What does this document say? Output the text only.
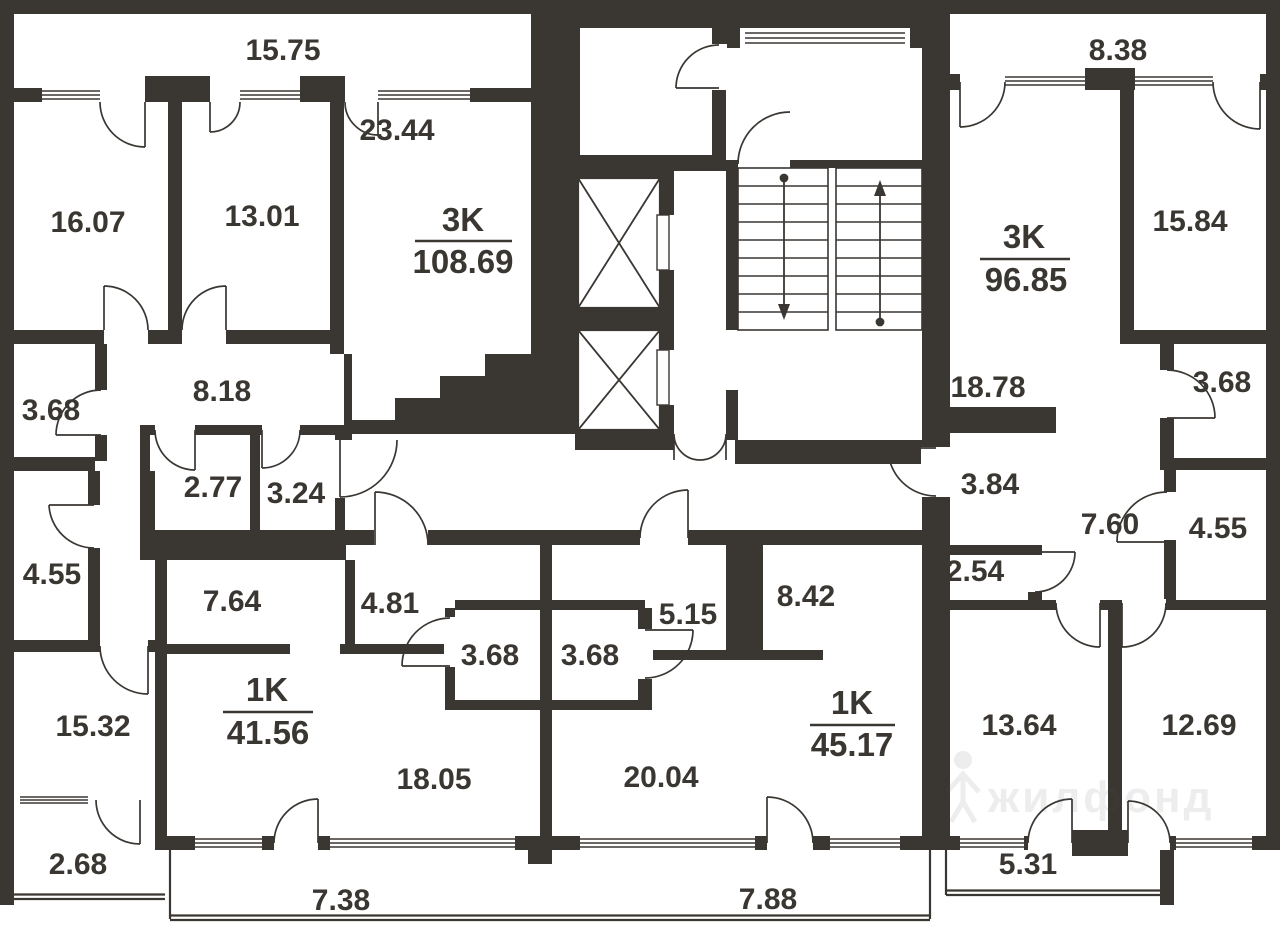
жилфонд
15.75
16.07	13.01
23.44
3.68
8.18
2.77 3.24
4.55
15.32
2.68
7.64	4.81
3.68
18.05
7.38
3.68
5.15
8.42
20.04
7.88
8.38
15.84
3.68
18.78
3.84
7.60 4.55
2.54
13.64	12.69
5.31
3K
108.69
1K
41.56
1K
45.17
3K
96.85
